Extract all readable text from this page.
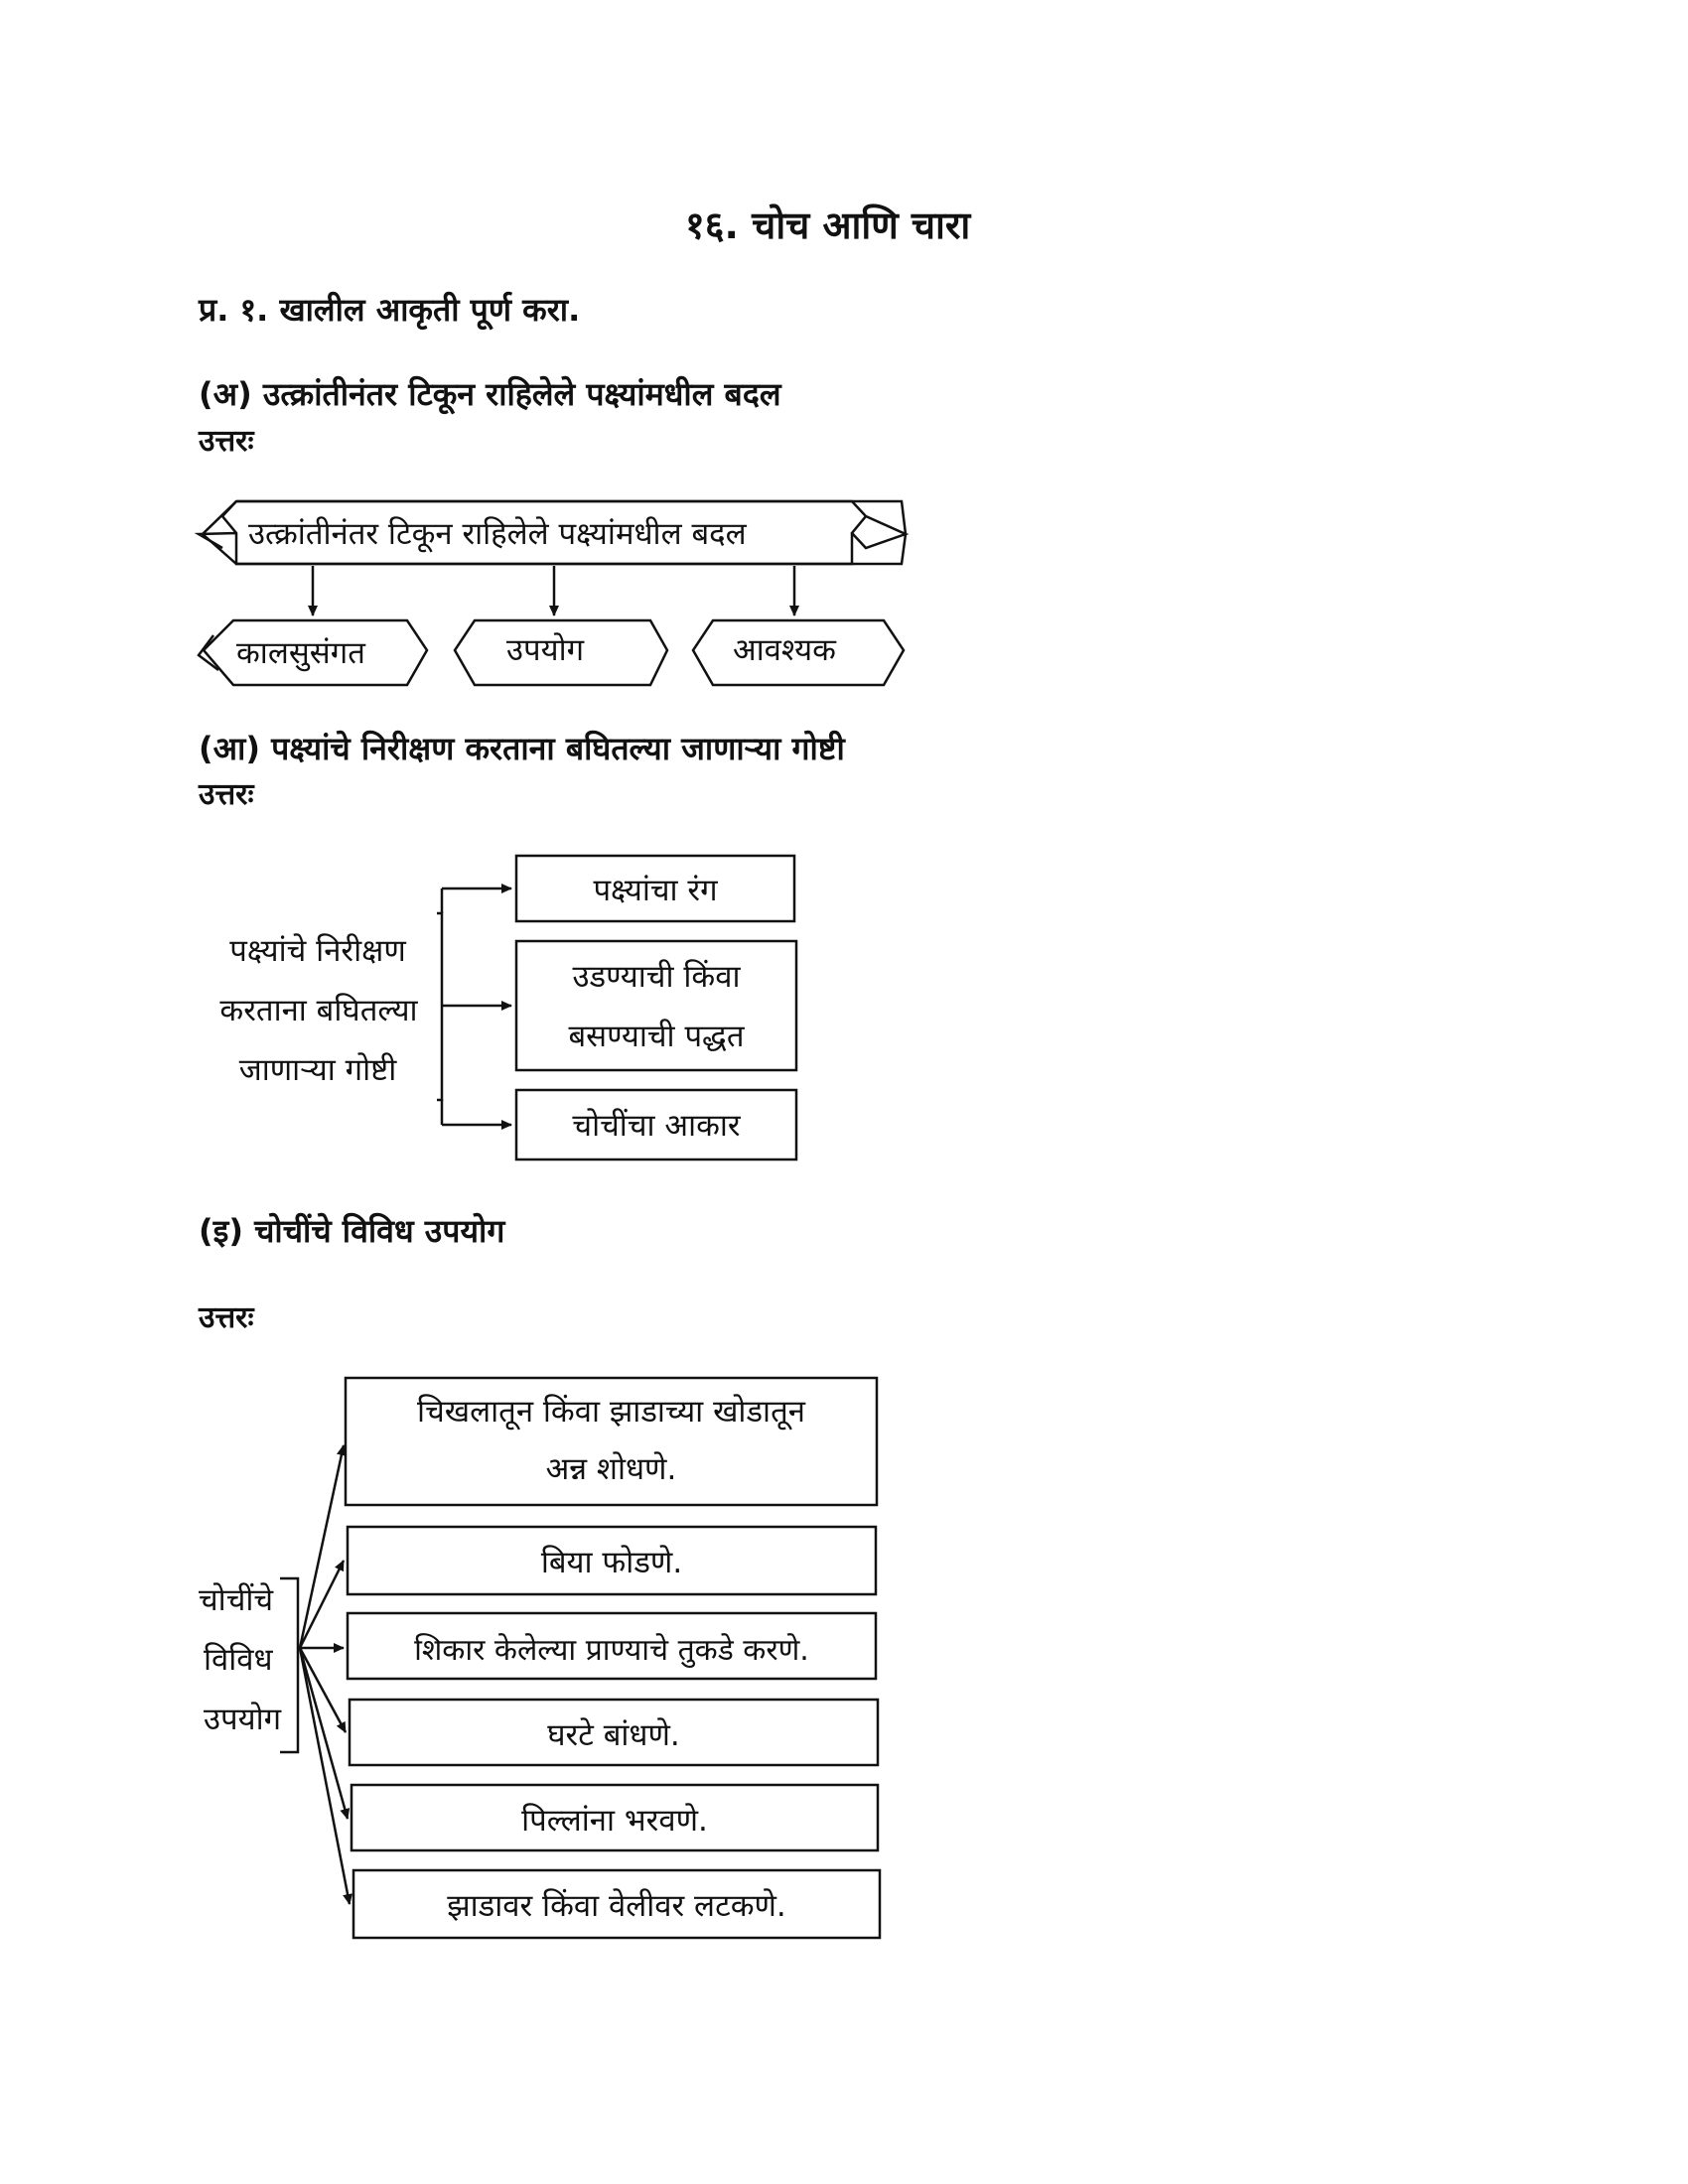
१६. चोच आणि चारा
प्र. १. खालील आकृती पूर्ण करा.
(अ) उत्क्रांतीनंतर टिकून राहिलेले पक्ष्यांमधील बदल
उत्तरः
उत्क्रांतीनंतर टिकून राहिलेले पक्ष्यांमधील बदल
कालसुसंगत	उपयोग	आवश्यक
(आ) पक्ष्यांचे निरीक्षण करताना बघितल्या जाणाऱ्या गोष्टी
उत्तरः
पक्ष्यांचे निरीक्षण
करताना बघितल्या
जाणाऱ्या गोष्टी
पक्ष्यांचा रंग
उडण्याची किंवा
बसण्याची पद्धत
चोचींचा आकार
(इ) चोचींचे विविध उपयोग
उत्तरः
चोचींचे
विविध
उपयोग
चिखलातून किंवा झाडाच्या खोडातून
अन्न शोधणे.
बिया फोडणे.
शिकार केलेल्या प्राण्याचे तुकडे करणे.
घरटे बांधणे.
पिल्लांना भरवणे.
झाडावर किंवा वेलीवर लटकणे.
